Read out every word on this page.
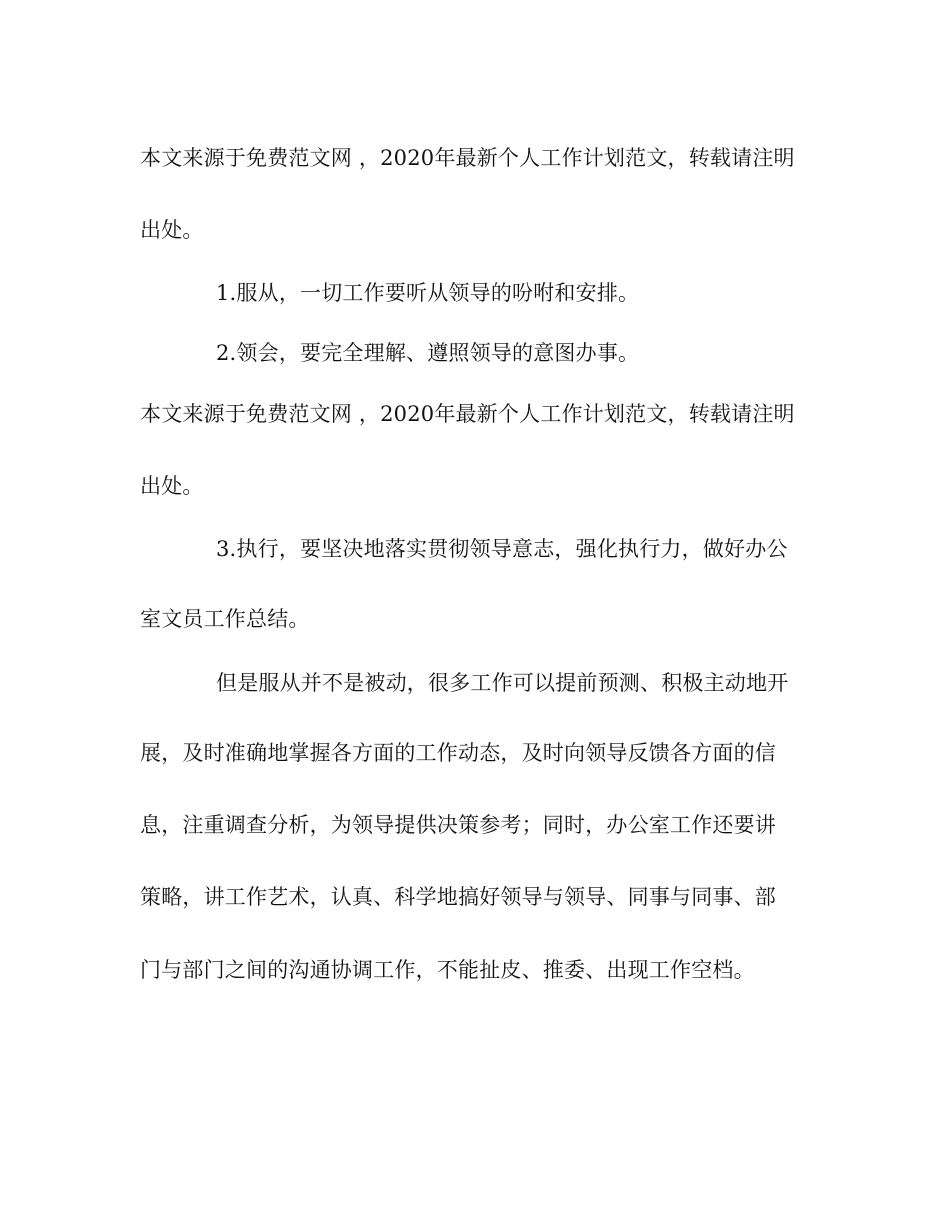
本文来源于免费范文网 ，2020年最新个人工作计划范文，转载请注明
出处。
1.服从，一切工作要听从领导的吩咐和安排。
2.领会，要完全理解、遵照领导的意图办事。
本文来源于免费范文网 ，2020年最新个人工作计划范文，转载请注明
出处。
3.执行，要坚决地落实贯彻领导意志，强化执行力，做好办公
室文员工作总结。
但是服从并不是被动，很多工作可以提前预测、积极主动地开
展，及时准确地掌握各方面的工作动态，及时向领导反馈各方面的信
息，注重调查分析，为领导提供决策参考；同时，办公室工作还要讲
策略，讲工作艺术，认真、科学地搞好领导与领导、同事与同事、部
门与部门之间的沟通协调工作，不能扯皮、推委、出现工作空档。
